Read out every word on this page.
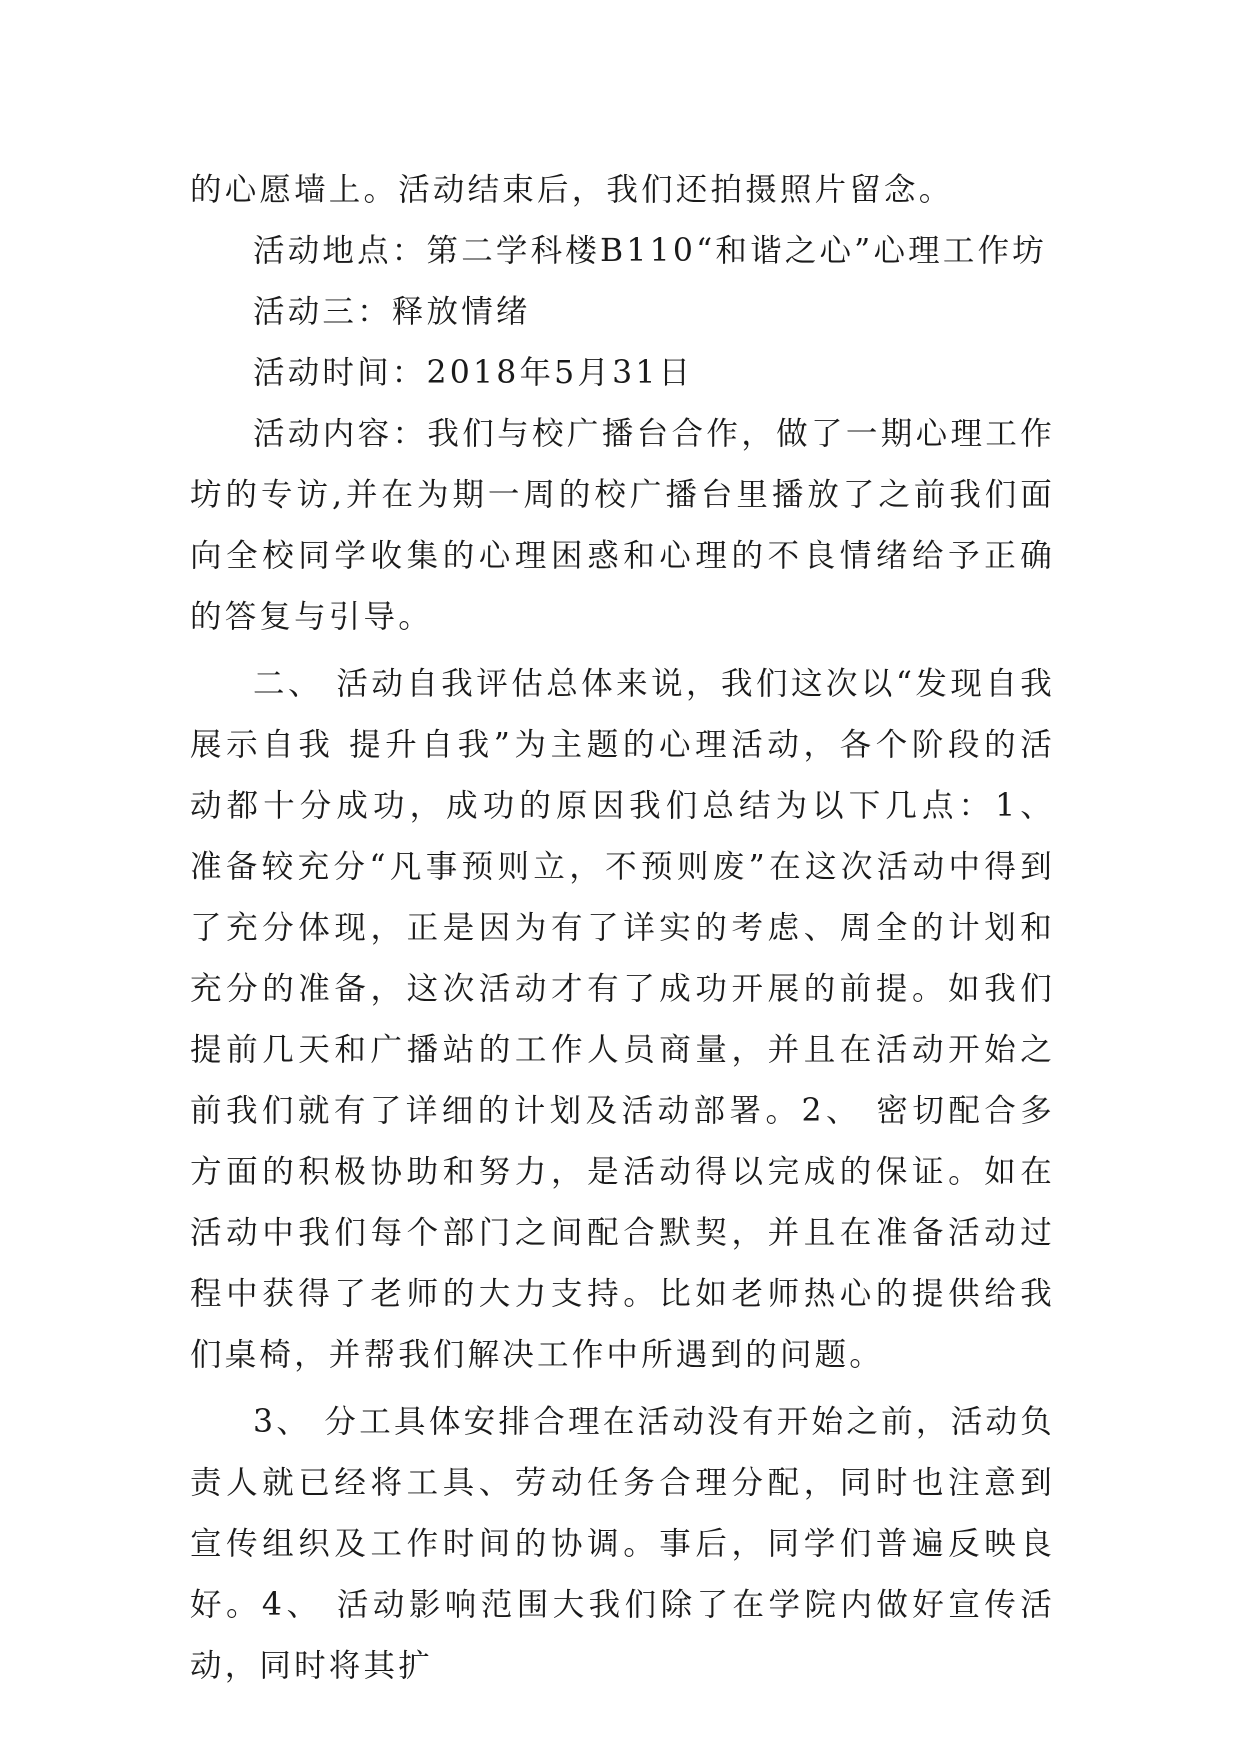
的心愿墙上。活动结束后，我们还拍摄照片留念。

活动地点：第二学科楼B110“和谐之心”心理工作坊

活动三：释放情绪

活动时间：2018年5月31日

活动内容：我们与校广播台合作，做了一期心理工作坊的专访,并在为期一周的校广播台里播放了之前我们面向全校同学收集的心理困惑和心理的不良情绪给予正确的答复与引导。

二、 活动自我评估总体来说，我们这次以“发现自我 展示自我 提升自我”为主题的心理活动，各个阶段的活动都十分成功，成功的原因我们总结为以下几点：1、 准备较充分“凡事预则立，不预则废”在这次活动中得到了充分体现，正是因为有了详实的考虑、周全的计划和充分的准备，这次活动才有了成功开展的前提。如我们提前几天和广播站的工作人员商量，并且在活动开始之前我们就有了详细的计划及活动部署。2、 密切配合多方面的积极协助和努力，是活动得以完成的保证。如在活动中我们每个部门之间配合默契，并且在准备活动过程中获得了老师的大力支持。比如老师热心的提供给我们桌椅，并帮我们解决工作中所遇到的问题。

3、 分工具体安排合理在活动没有开始之前，活动负责人就已经将工具、劳动任务合理分配，同时也注意到宣传组织及工作时间的协调。事后，同学们普遍反映良好。4、 活动影响范围大我们除了在学院内做好宣传活动，同时将其扩
